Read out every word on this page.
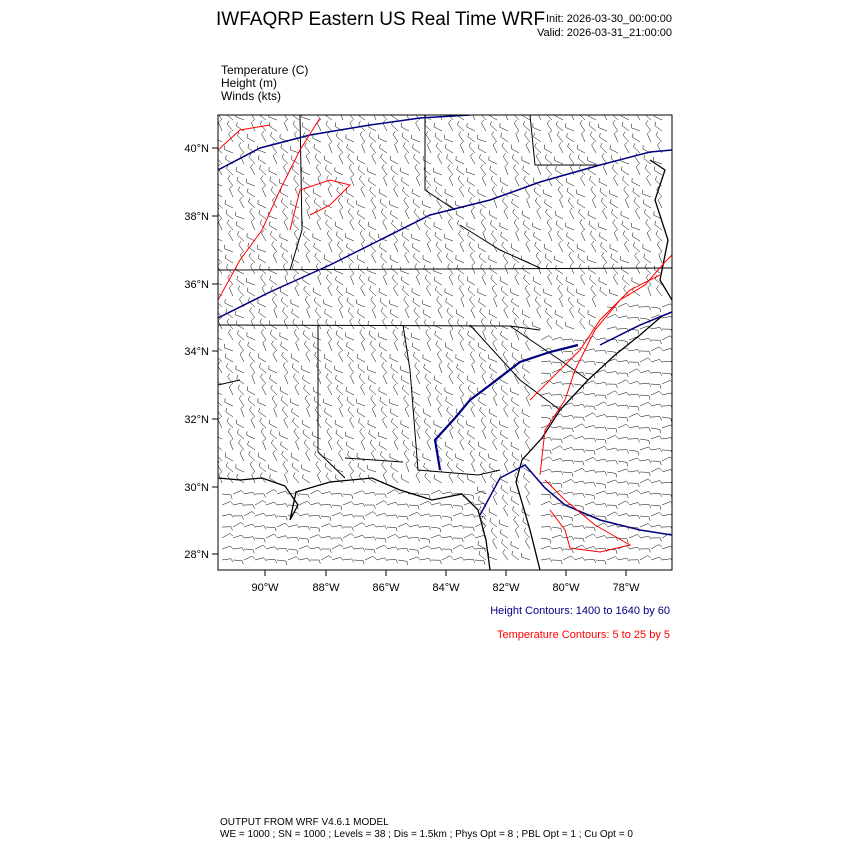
IWFAQRP Eastern US Real Time WRF Init: 2026-03-30_00:00:00
Valid: 2026-03-31_21:00:00
Temperature (C)
Height (m)
Winds (kts)
40°N
38°N
36°N
34°N
32°N
30°N
28°N
90°W	88°W	86°W	84°W	82°W	80°W	78°W
Height Contours: 1400 to 1640 by 60
Temperature Contours: 5 to 25 by 5
OUTPUT FROM WRF V4.6.1 MODEL
WE = 1000 ; SN = 1000 ; Levels = 38 ; Dis = 1.5km ; Phys Opt = 8 ; PBL Opt = 1 ; Cu Opt = 0
